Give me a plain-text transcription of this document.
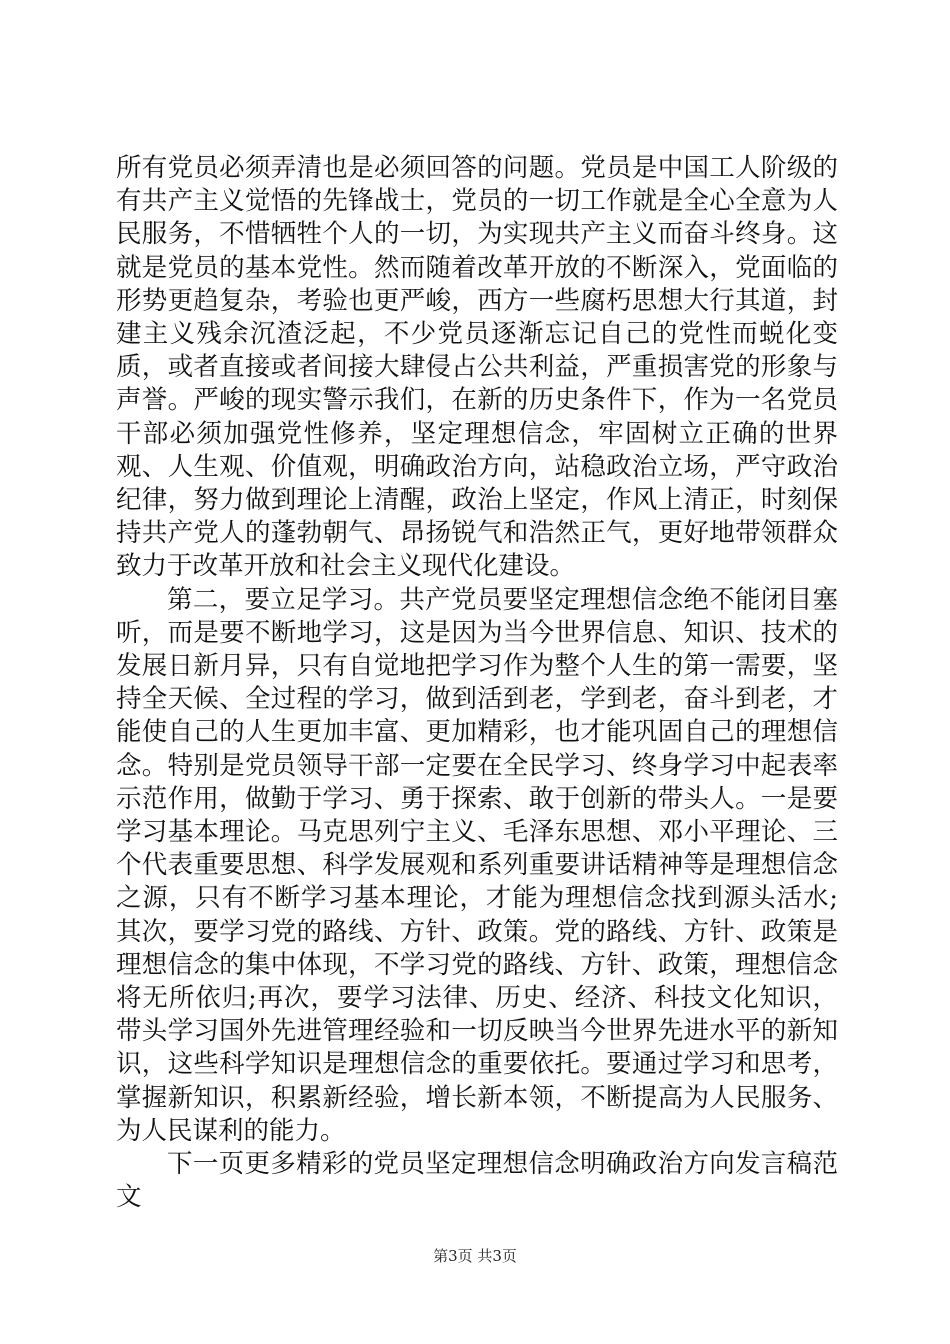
所有党员必须弄清也是必须回答的问题。党员是中国工人阶级的有共产主义觉悟的先锋战士，党员的一切工作就是全心全意为人民服务，不惜牺牲个人的一切，为实现共产主义而奋斗终身。这就是党员的基本党性。然而随着改革开放的不断深入，党面临的形势更趋复杂，考验也更严峻，西方一些腐朽思想大行其道，封建主义残余沉渣泛起，不少党员逐渐忘记自己的党性而蜕化变质，或者直接或者间接大肆侵占公共利益，严重损害党的形象与声誉。严峻的现实警示我们，在新的历史条件下，作为一名党员干部必须加强党性修养，坚定理想信念，牢固树立正确的世界观、人生观、价值观，明确政治方向，站稳政治立场，严守政治纪律，努力做到理论上清醒，政治上坚定，作风上清正，时刻保持共产党人的蓬勃朝气、昂扬锐气和浩然正气，更好地带领群众致力于改革开放和社会主义现代化建设。

第二，要立足学习。共产党员要坚定理想信念绝不能闭目塞听，而是要不断地学习，这是因为当今世界信息、知识、技术的发展日新月异，只有自觉地把学习作为整个人生的第一需要，坚持全天候、全过程的学习，做到活到老，学到老，奋斗到老，才能使自己的人生更加丰富、更加精彩，也才能巩固自己的理想信念。特别是党员领导干部一定要在全民学习、终身学习中起表率示范作用，做勤于学习、勇于探索、敢于创新的带头人。一是要学习基本理论。马克思列宁主义、毛泽东思想、邓小平理论、三个代表重要思想、科学发展观和系列重要讲话精神等是理想信念之源，只有不断学习基本理论，才能为理想信念找到源头活水;其次，要学习党的路线、方针、政策。党的路线、方针、政策是理想信念的集中体现，不学习党的路线、方针、政策，理想信念将无所依归;再次，要学习法律、历史、经济、科技文化知识，带头学习国外先进管理经验和一切反映当今世界先进水平的新知识，这些科学知识是理想信念的重要依托。要通过学习和思考，掌握新知识，积累新经验，增长新本领，不断提高为人民服务、为人民谋利的能力。

下一页更多精彩的党员坚定理想信念明确政治方向发言稿范文

第3页 共3页
